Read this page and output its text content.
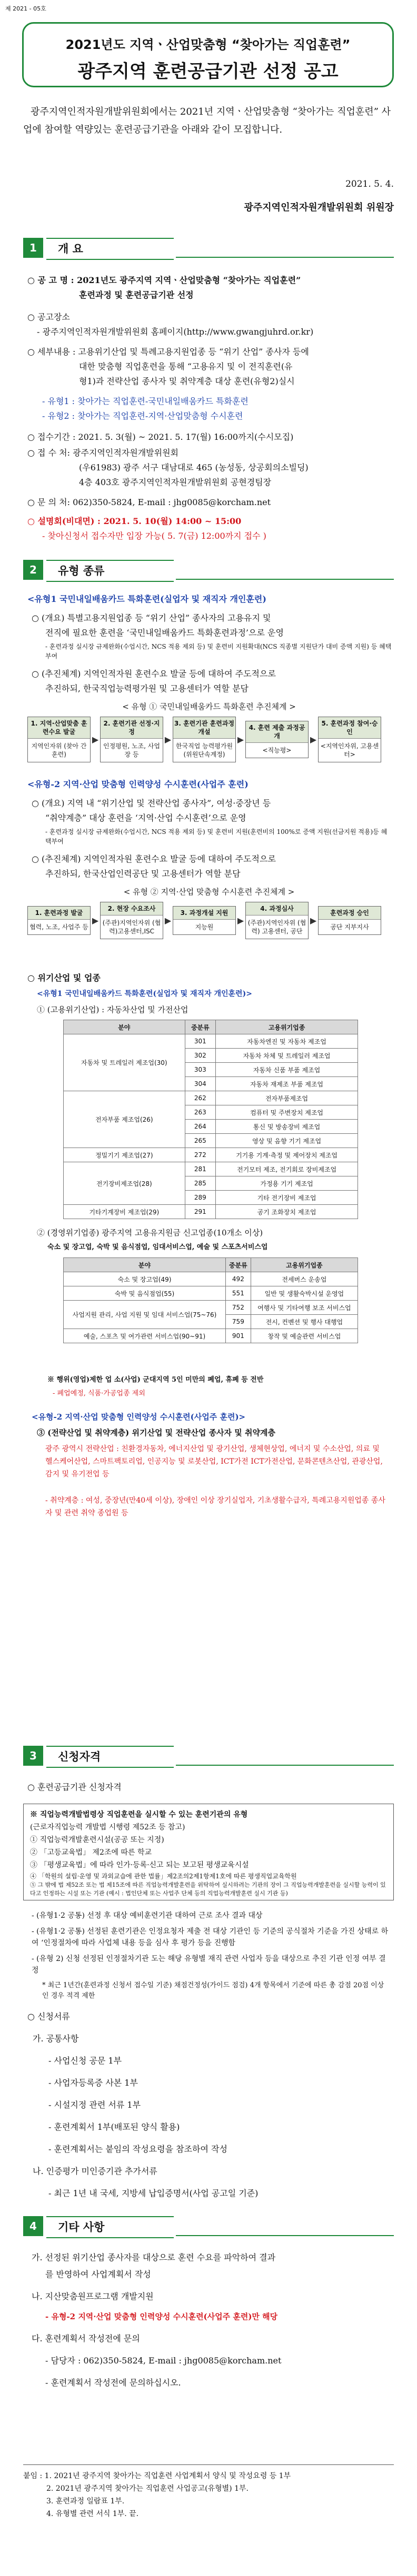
제 2021 - 05호
2021년도 지역ㆍ산업맞춤형 “찾아가는 직업훈련”
광주지역 훈련공급기관 선정 공고

광주지역인적자원개발위원회에서는 2021년 지역ㆍ산업맞춤형 “찾아가는 직업훈련” 사업에 참여할 역량있는 훈련공급기관을 아래와 같이 모집합니다.

2021. 5. 4.
광주지역인적자원개발위원회 위원장
1	개 요
○ 공 고 명 : 2021년도 광주지역 지역ㆍ산업맞춤형 “찾아가는 직업훈련”
훈련과정 및 훈련공급기관 선정
○ 공고장소
- 광주지역인적자원개발위원회 홈페이지(http://www.gwangjuhrd.or.kr)
○ 세부내용 : 고용위기산업 및 특례고용지원업종 등 “위기 산업” 종사자 등에
대한 맞춤형 직업훈련을 통해 “고용유지 및 이 전직훈련(유
형1)과 전략산업 종사자 및 취약계층 대상 훈련(유형2)실시
- 유형1 : 찾아가는 직업훈련-국민내일배움카드 특화훈련
- 유형2 : 찾아가는 직업훈련-지역·산업맞춤형 수시훈련
○ 접수기간 : 2021. 5. 3(월) ~ 2021. 5. 17(월) 16:00까지(수시모집)
○ 접 수 처: 광주지역인적자원개발위원회
(우61983) 광주 서구 대남대로 465 (농성동, 상공회의소빌딩)
4층 403호 광주지역인적자원개발위원회 공현경팀장
○ 문 의 처: 062)350-5824, E-mail : jhg0085@korcham.net
○ 설명회(비대면) : 2021. 5. 10(월) 14:00 ~ 15:00
- 찾아신청서 접수자만 입장 가능( 5. 7(금) 12:00까지 접수 )
2	유형 종류
<유형1 국민내일배움카드 특화훈련(실업자 및 재직자 개인훈련)
○ (개요) 특별고용지원업종 등 “위기 산업” 종사자의 고용유지 및
전직에 필요한 훈련을 ‘국민내일배움카드 특화훈련과정’으로 운영
- 훈련과정 실시장 규제완화(수업시간, NCS 적용 제외 등) 및 훈련비 지원확대(NCS 직종별 지원단가 대비 증액 지원) 등 혜택부여
○ (추진체계) 지역인적자원 훈련수요 발굴 등에 대하여 주도적으로
추진하되, 한국직업능력평가원 및 고용센터가 역할 분담
< 유형 ① 국민내일배움카드 특화훈련 추진체계 >
1. 지역·산업맞춤 훈련수요 발굴
지역인자위 (찾아 간 훈련)
▶
2. 훈련기관 선정·지정
인정평원, 노조, 사업장 등
▶
3. 훈련기관 훈련과정 개설
한국직업 능력평가원 (위원단속계정)
▶
4. 훈련 제출 과정공개
<직능평>
▶
5. 훈련과정 참여·승인
<지역인자위, 고용센터>
<유형-2 지역·산업 맞춤형 인력양성 수시훈련(사업주 훈련)
○ (개요) 지역 내 “위기산업 및 전략산업 종사자”, 여성·중장년 등
“취약계층” 대상 훈련을 ‘지역·산업 수시훈련’으로 운영
- 훈련과정 실시장 규제완화(수업시간, NCS 적용 제외 등) 및 훈련비 지원(훈련비의 100%로 증액 지원(선금지원 적용)등 혜택부여
○ (추진체계) 지역인적자원 훈련수요 발굴 등에 대하여 주도적으로
추진하되, 한국산업인력공단 및 고용센터가 역할 분담
< 유형 ② 지역·산업 맞춤형 수시훈련 추진체계 >
1. 훈련과정 발굴
협력, 노조, 사업주 등
▶
2. 현장 수요조사
(주관)지역인자위 (협력)고용센터,ISC
▶
3. 과정개설 지원
지능원
▶
4. 과정심사
(주관)지역인자위 (협력) 고용센터, 공단
▶
훈련과정 승인
공단 지부지사
○ 위기산업 및 업종
<유형1 국민내일배움카드 특화훈련(실업자 및 재직자 개인훈련)>
① (고용위기산업) : 자동차산업 및 가전산업
분야	중분류	고용위기업종
자동차 및 트레일러 제조업(30)	301	자동차엔진 및 자동차 제조업
	302	자동차 차체 및 트레일러 제조업
	303	자동차 신품 부품 제조업
	304	자동차 재제조 부품 제조업
전자부품 제조업(26)	262	전자부품제조업
	263	컴퓨터 및 주변장치 제조업
	264	통신 및 방송장비 제조업
	265	영상 및 음향 기기 제조업
정밀기기 제조업(27)	272	기기용 기계·측정 및 제어장치 제조업
전기장비제조업(28)	281	전기모터 제조, 전기회로 장비제조업
	285	가정용 기기 제조업
	289	기타 전기장비 제조업
기타기계장비 제조업(29)	291	공기 조화장치 제조업
② (경영위기업종) 광주지역 고용유지원금 신고업종(10개소 이상)
숙소 및 장고업, 숙박 및 음식점업, 임대서비스업, 예술 및 스포츠서비스업
분야	중분류	고용위기업종
숙소 및 장고업(49)	492	전세버스 운송업
숙박 및 음식점업(55)	551	일반 및 생활숙박시설 운영업
사업지원 관리, 사업 지원 및 임대 서비스업(75~76)	752	여행사 및 기타여행 보조 서비스업
	759	전시, 컨벤션 및 행사 대행업
예술, 스포츠 및 여가관련 서비스업(90~91)	901	창작 및 예술관련 서비스업
※ 행위(영업)제한 업 소(사업) 군대지역 5인 미만의 폐업, 휴폐 등 전반
- 폐업예정, 식품·가공업종 제외
<유형-2 지역·산업 맞춤형 인력양성 수시훈련(사업주 훈련)>
③ (전략산업 및 취약계층) 위기산업 및 전략산업 종사자 및 취약계층
광주 광역시 전략산업 : 친환경자동차, 에너지산업 및 광기산업, 생체현상업, 에너지 및 수소산업, 의료 및 헬스케어산업, 스마트팩토리업, 인공지능 및 로봇산업, ICT가전 ICT가전산업, 문화콘텐츠산업, 관광산업, 감지 및 유기전업 등
- 취약계층 : 여성, 중장년(만40세 이상), 장애인 이상 장기실업자, 기초생활수급자, 특례고용지원업종 종사자 및 관련 취약 종업원 등
3	신청자격
○ 훈련공급기관 신청자격
※ 직업능력개발법령상 직업훈련을 실시할 수 있는 훈련기관의 유형
(근로자직업능력 개발법 시행령 제52조 등 참고)
① 직업능력개발훈련시설(공공 또는 지정)
② 「고등교육법」 제2조에 따른 학교
③ 「평생교육법」에 따라 인가·등록·신고 되는 보고된 평생교육시설
④ 「학원의 설립·운영 및 과외교습에 관한 법률」제2조의2제1항제1호에 따른 평생직업교육학원
⑤ 그 밖에 법 제52조 또는 법 제15조에 따른 직업능력개발훈련을 위탁하여 실시하려는 기관의 장이 그 직업능력개발훈련을 실시할 능력이 있다고 인정하는 시설 또는 기관 (예시 : 법인단체 또는 사업주 단체 등의 직업능력개발훈련 실시 기관 등)
- (유형1·2 공통) 선정 후 대상 예비훈련기관 대하여 근로 조사 결과 대상
- (유형1·2 공통) 선정된 훈련기관은 인정요청자 제출 전 대상 기관인 등 기준의 공식절차 기준을 가진 상태로 하 여 ‘인정절차에 따라 사업체 내용 등을 심사 후 평가 등을 진행함
- (유형 2) 신청 선정된 인정절차기관 도는 해당 유형별 재직 관련 사업자 등을 대상으로 추진 기관 인정 여부 결정
* 최근 1년간(훈련과정 신청서 접수일 기준) 채점건정성(가이드 점검) 4개 항목에서 기준에 따른 총 감점 20점 이상인 경우 적격 제한
○ 신청서류
가. 공통사항
- 사업신청 공문 1부
- 사업자등록증 사본 1부
- 시설지정 관련 서류 1부
- 훈련계획서 1부(배포된 양식 활용)
- 훈련계획서는 붙임의 작성요령을 참조하여 작성
나. 인증평가 미인증기관 추가서류
- 최근 1년 내 국세, 지방세 납입증명서(사업 공고일 기준)
4	기타 사항
가. 선정된 위기산업 종사자를 대상으로 훈련 수요를 파악하여 결과
를 반영하여 사업계획서 작성
나. 지산맞춤원프로그램 개발지원
- 유형-2 지역·산업 맞춤형 인력양성 수시훈련(사업주 훈련)만 해당
다. 훈련계획서 작성전에 문의
- 담당자 : 062)350-5824, E-mail : jhg0085@korcham.net
- 훈련계획서 작성전에 문의하십시오.
붙임 : 1. 2021년 광주지역 찾아가는 직업훈련 사업계획서 양식 및 작성요령 등 1부
2. 2021년 광주지역 찾아가는 직업훈련 사업공고(유형별) 1부.
3. 훈련과정 일람표 1부.
4. 유형별 관련 서식 1부. 끝.
